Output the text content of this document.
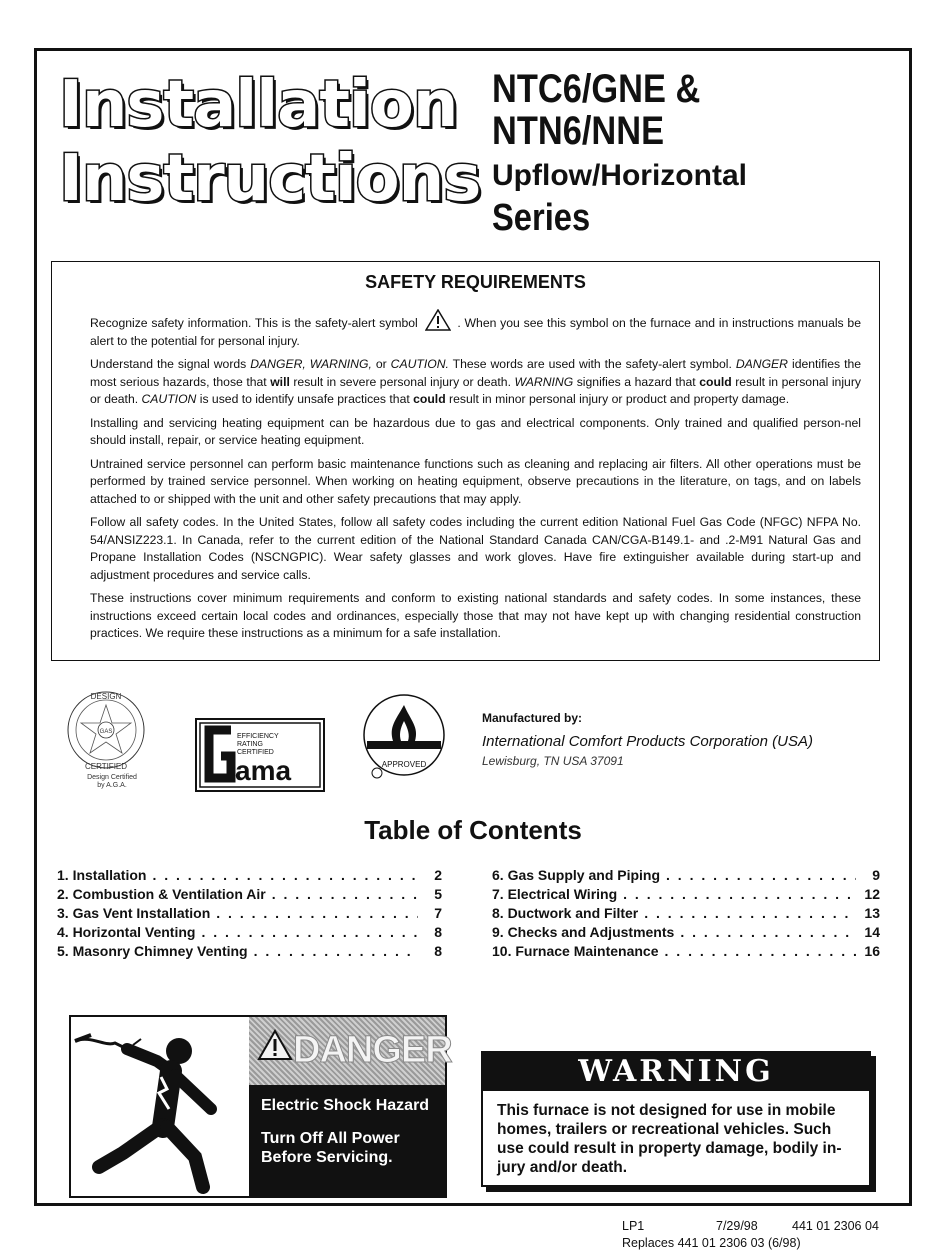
Installation
Instructions
NTC6/GNE &
NTN6/NNE
Upflow/Horizontal
Series
SAFETY REQUIREMENTS

Recognize safety information. This is the safety-alert symbol	. When you see this symbol on the furnace and in instructions manuals be alert to the potential for personal injury.

Understand the signal words DANGER, WARNING, or CAUTION. These words are used with the safety-alert symbol. DANGER identifies the most serious hazards, those that will result in severe personal injury or death. WARNING signifies a hazard that could result in personal injury or death. CAUTION is used to identify unsafe practices that could result in minor personal injury or product and property damage.

Installing and servicing heating equipment can be hazardous due to gas and electrical components. Only trained and qualified person-nel should install, repair, or service heating equipment.

Untrained service personnel can perform basic maintenance functions such as cleaning and replacing air filters. All other operations must be performed by trained service personnel. When working on heating equipment, observe precautions in the literature, on tags, and on labels attached to or shipped with the unit and other safety precautions that may apply.

Follow all safety codes. In the United States, follow all safety codes including the current edition National Fuel Gas Code (NFGC) NFPA No. 54/ANSIZ223.1. In Canada, refer to the current edition of the National Standard Canada CAN/CGA-B149.1- and .2-M91 Natural Gas and Propane Installation Codes (NSCNGPIC). Wear safety glasses and work gloves. Have fire extinguisher available during start-up and adjustment procedures and service calls.

These instructions cover minimum requirements and conform to existing national standards and safety codes. In some instances, these instructions exceed certain local codes and ordinances, especially those that may not have kept up with changing residential construction practices. We require these instructions as a minimum for a safe installation.

GAS
DESIGN
CERTIFIED
Design Certified
by A.G.A.
EFFICIENCY
RATING
CERTIFIED
ama	APPROVED
Manufactured by:
International Comfort Products Corporation (USA)
Lewisburg, TN USA 37091
Table of Contents
1. Installation . . .	2
2. Combustion & Ventilation Air . . .	5
3. Gas Vent Installation . . .	7
4. Horizontal Venting . . .	8
5. Masonry Chimney Venting . . .	8
6. Gas Supply and Piping . . .	9
7. Electrical Wiring . . .	12
8. Ductwork and Filter . . .	13
9. Checks and Adjustments . . .	14
10. Furnace Maintenance . . .	16
DANGER
Electric Shock Hazard
Turn Off All Power Before Servicing.
WARNING
This furnace is not designed for use in mobile homes, trailers or recreational vehicles. Such use could result in property damage, bodily in-jury and/or death.
LP1	7/29/98	441 01 2306 04
Replaces 441 01 2306 03 (6/98)
